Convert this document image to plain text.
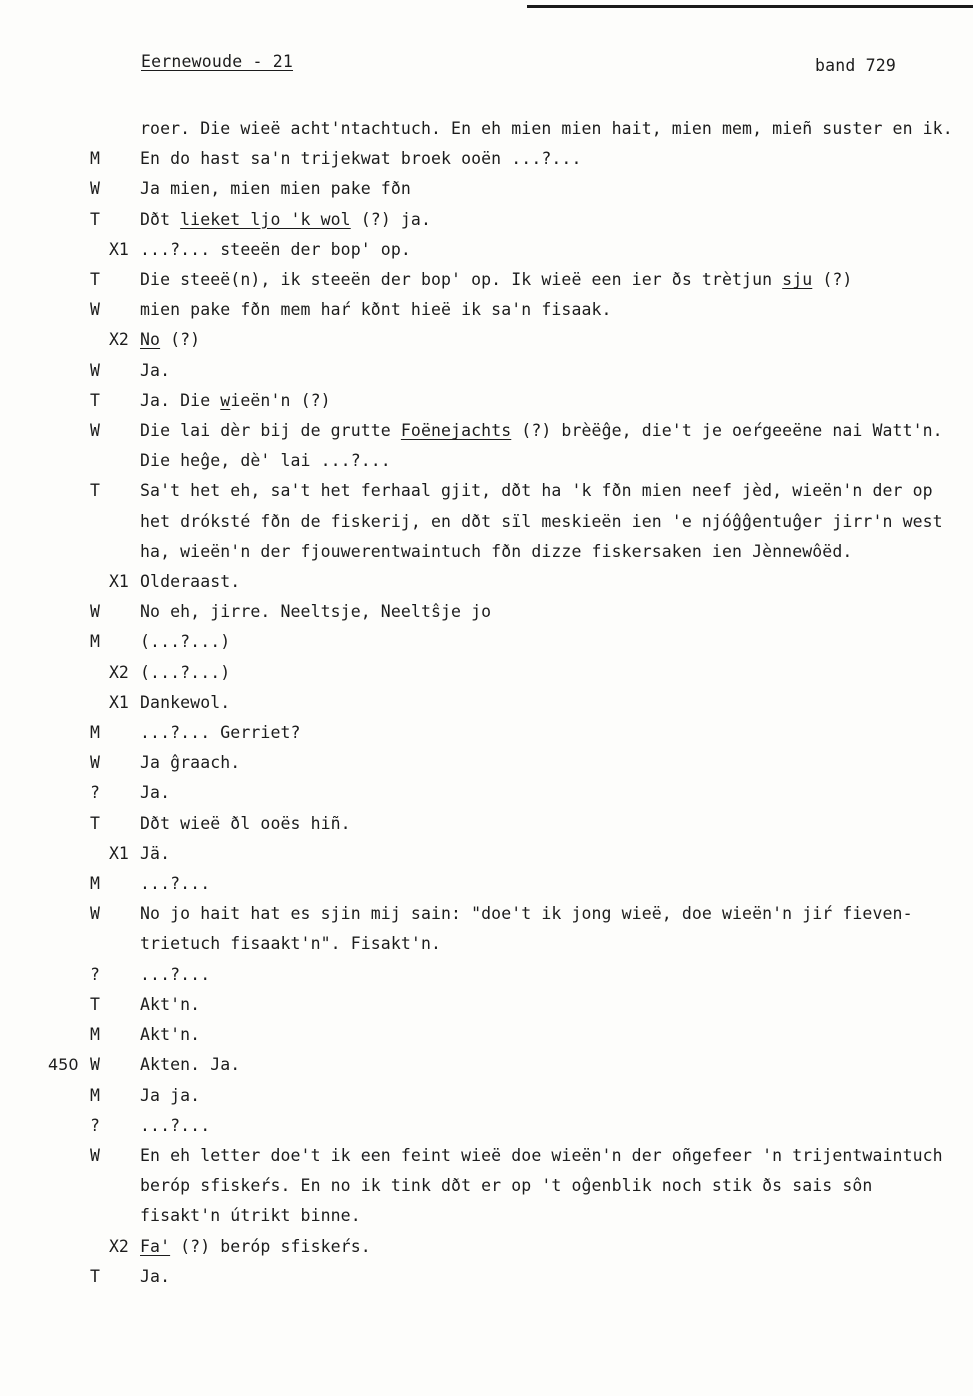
Eernewoude - 21	band 729
roer. Die wieë acht'ntachtuch. En eh mien mien hait, mien mem, mieñ suster en ik.
M En do hast sa'n trijekwat broek ooën ...?...
W Ja mien, mien mien pake fðn
T Dðt lieket ljo 'k wol (?) ja.
X1 ...?... steeën der bop' op.
T Die steeë(n), ik steeën der bop' op. Ik wieë een ier ðs trètjun sju (?)
W mien pake fðn mem haŕ kðnt hieë ik sa'n fisaak.
X2 No (?)
W Ja.
T Ja. Die wieën'n (?)
W Die lai dèr bij de grutte Foënejachts (?) brèëĝe, die't je oeŕgeeëne nai Watt'n. Die heĝe, dè' lai ...?...
T Sa't het eh, sa't het ferhaal gjit, dðt ha 'k fðn mien neef jèd, wieën'n der op het dróksté fðn de fiskerij, en dðt sïl meskieën ien 'e njóĝĝentuĝer jirr'n west ha, wieën'n der fjouwerentwaintuch fðn dizze fiskersaken ien Jènnewôëd.
X1 Olderaast.
W No eh, jirre. Neeltsje, Neeltŝje jo
M (...?...)
X2 (...?...)
X1 Dankewol.
M ...?... Gerriet?
W Ja ĝraach.
? Ja.
T Dðt wieë ðl ooës hiñ.
X1 Jä.
M ...?...
W No jo hait hat es sjin mij sain: "doe't ik jong wieë, doe wieën'n jiŕ fieven- trietuch fisaakt'n". Fisakt'n.
? ...?...
T Akt'n.
M Akt'n.
450 W Akten. Ja.
M Ja ja.
? ...?...
W En eh letter doe't ik een feint wieë doe wieën'n der oñgefeer 'n trijentwaintuch beróp sfiskeŕs. En no ik tink dðt er op 't oĝenblik noch stik ðs sais sôn fisakt'n útrikt binne.
X2 Fa' (?) beróp sfiskeŕs.
T Ja.
